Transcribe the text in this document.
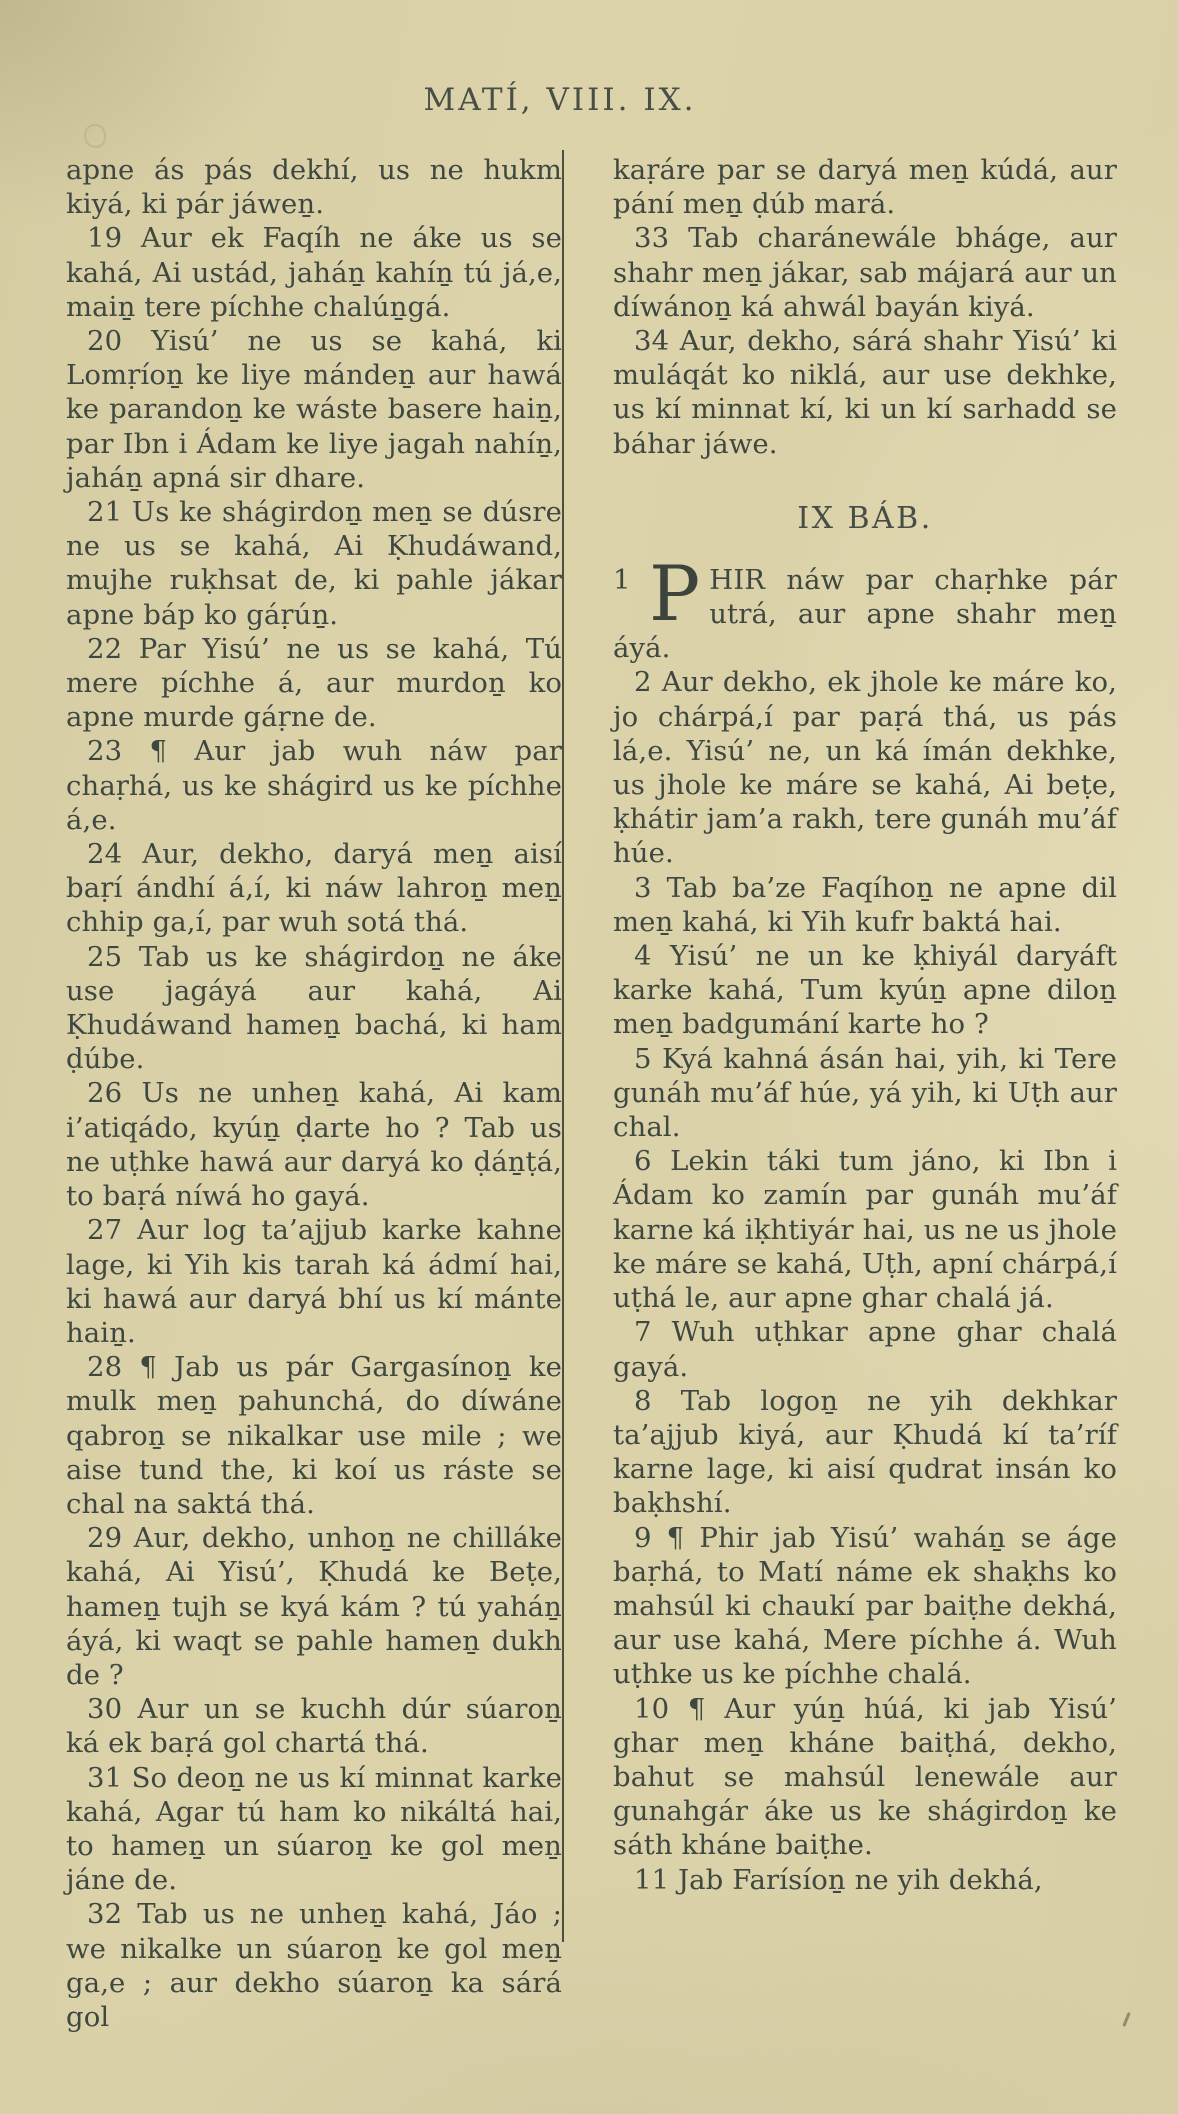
MATÍ, VIII. IX.

apne ás pás dekhí, us ne hukm kiyá, ki pár jáweṉ.

19 Aur ek Faqíh ne áke us se kahá, Ai ustád, jaháṉ kahíṉ tú já,e, maiṉ tere píchhe chalúṉgá.

20 Yisú’ ne us se kahá, ki Lomṛíoṉ ke liye mándeṉ aur hawá ke parandoṉ ke wáste basere haiṉ, par Ibn i Ádam ke liye jagah nahíṉ, jaháṉ apná sir dhare.

21 Us ke shágirdoṉ meṉ se dúsre ne us se kahá, Ai Ḳhudáwand, mujhe ruḳhsat de, ki pahle jákar apne báp ko gáṛúṉ.

22 Par Yisú’ ne us se kahá, Tú mere píchhe á, aur murdoṉ ko apne murde gáṛne de.

23 ¶ Aur jab wuh náw par chaṛhá, us ke shágird us ke píchhe á,e.

24 Aur, dekho, daryá meṉ aisí baṛí ándhí á,í, ki náw lahroṉ meṉ chhip ga,í, par wuh sotá thá.

25 Tab us ke shágirdoṉ ne áke use jagáyá aur kahá, Ai Ḳhudáwand hameṉ bachá, ki ham ḍúbe.

26 Us ne unheṉ kahá, Ai kam i’atiqádo, kyúṉ ḍarte ho ? Tab us ne uṭhke hawá aur daryá ko ḍáṉṭá, to baṛá níwá ho gayá.

27 Aur log ta’ajjub karke kahne lage, ki Yih kis tarah ká ádmí hai, ki hawá aur daryá bhí us kí mánte haiṉ.

28 ¶ Jab us pár Gargasínoṉ ke mulk meṉ pahunchá, do díwáne qabroṉ se nikalkar use mile ; we aise tund the, ki koí us ráste se chal na saktá thá.

29 Aur, dekho, unhoṉ ne chilláke kahá, Ai Yisú’, Ḳhudá ke Beṭe, hameṉ tujh se kyá kám ? tú yaháṉ áyá, ki waqt se pahle hameṉ dukh de ?

30 Aur un se kuchh dúr súaroṉ ká ek baṛá gol chartá thá.

31 So deoṉ ne us kí minnat karke kahá, Agar tú ham ko nikáltá hai, to hameṉ un súaroṉ ke gol meṉ jáne de.

32 Tab us ne unheṉ kahá, Jáo ; we nikalke un súaroṉ ke gol meṉ ga,e ; aur dekho súaroṉ ka sárá gol

kaṛáre par se daryá meṉ kúdá, aur pání meṉ ḍúb mará.

33 Tab charánewále bháge, aur shahr meṉ jákar, sab májará aur un díwánoṉ ká ahwál bayán kiyá.

34 Aur, dekho, sárá shahr Yisú’ ki muláqát ko niklá, aur use dekhke, us kí minnat kí, ki un kí sarhadd se báhar jáwe.

IX BÁB.

1 P HIR náw par chaṛhke pár utrá, aur apne shahr meṉ áyá.

2 Aur dekho, ek jhole ke máre ko, jo chárpá,í par paṛá thá, us pás lá,e. Yisú’ ne, un ká ímán dekhke, us jhole ke máre se kahá, Ai beṭe, ḳhátir jam’a rakh, tere gunáh mu’áf húe.

3 Tab ba’ze Faqíhoṉ ne apne dil meṉ kahá, ki Yih kufr baktá hai.

4 Yisú’ ne un ke ḳhiyál daryáft karke kahá, Tum kyúṉ apne diloṉ meṉ badgumání karte ho ?

5 Kyá kahná ásán hai, yih, ki Tere gunáh mu’áf húe, yá yih, ki Uṭh aur chal.

6 Lekin táki tum jáno, ki Ibn i Ádam ko zamín par gunáh mu’áf karne ká iḳhtiyár hai, us ne us jhole ke máre se kahá, Uṭh, apní chárpá,í uṭhá le, aur apne ghar chalá já.

7 Wuh uṭhkar apne ghar chalá gayá.

8 Tab logoṉ ne yih dekhkar ta’ajjub kiyá, aur Ḳhudá kí ta’ríf karne lage, ki aisí qudrat insán ko baḳhshí.

9 ¶ Phir jab Yisú’ waháṉ se áge baṛhá, to Matí náme ek shaḳhs ko mahsúl ki chaukí par baiṭhe dekhá, aur use kahá, Mere píchhe á. Wuh uṭhke us ke píchhe chalá.

10 ¶ Aur yúṉ húá, ki jab Yisú’ ghar meṉ kháne baiṭhá, dekho, bahut se mahsúl lenewále aur gunahgár áke us ke shágirdoṉ ke sáth kháne baiṭhe.

11 Jab Farísíoṉ ne yih dekhá,
